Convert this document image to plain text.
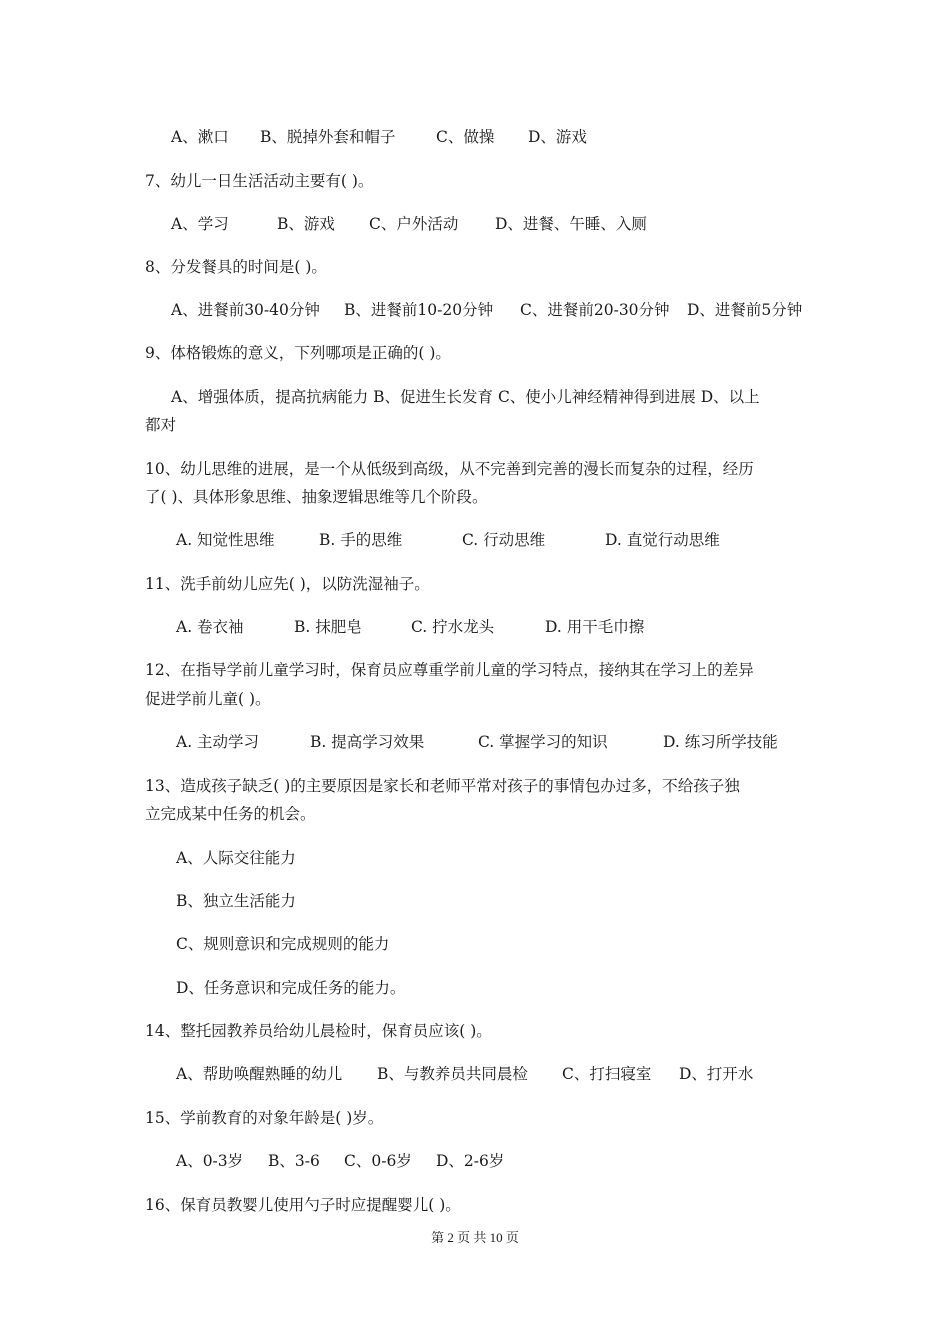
A、漱口 B、脱掉外套和帽子	C、做操 D、游戏
7、幼儿一日生活活动主要有( )。
A、学习	B、游戏 C、户外活动 D、进餐、午睡、入厕
8、分发餐具的时间是( )。
A、进餐前30-40分钟 B、进餐前10-20分钟 C、进餐前20-30分钟 D、进餐前5分钟
9、体格锻炼的意义，下列哪项是正确的( )。
A、增强体质，提高抗病能力 B、促进生长发育 C、使小儿神经精神得到进展 D、以上
都对
10、幼儿思维的进展，是一个从低级到高级，从不完善到完善的漫长而复杂的过程，经历
了( )、具体形象思维、抽象逻辑思维等几个阶段。
A. 知觉性思维	B. 手的思维	C. 行动思维	D. 直觉行动思维
11、洗手前幼儿应先( )，以防洗湿袖子。
A. 卷衣袖	B. 抹肥皂	C. 拧水龙头	D. 用干毛巾擦
12、在指导学前儿童学习时，保育员应尊重学前儿童的学习特点，接纳其在学习上的差异
促进学前儿童( )。
A. 主动学习	B. 提高学习效果	C. 掌握学习的知识	D. 练习所学技能
13、造成孩子缺乏( )的主要原因是家长和老师平常对孩子的事情包办过多，不给孩子独
立完成某中任务的机会。
A、人际交往能力
B、独立生活能力
C、规则意识和完成规则的能力
D、任务意识和完成任务的能力。
14、整托园教养员给幼儿晨检时，保育员应该( )。
A、帮助唤醒熟睡的幼儿 B、与教养员共同晨检 C、打扫寝室 D、打开水
15、学前教育的对象年龄是( )岁。
A、0-3岁 B、3-6 C、0-6岁 D、2-6岁
16、保育员教婴儿使用勺子时应提醒婴儿( )。
第 2 页 共 10 页
